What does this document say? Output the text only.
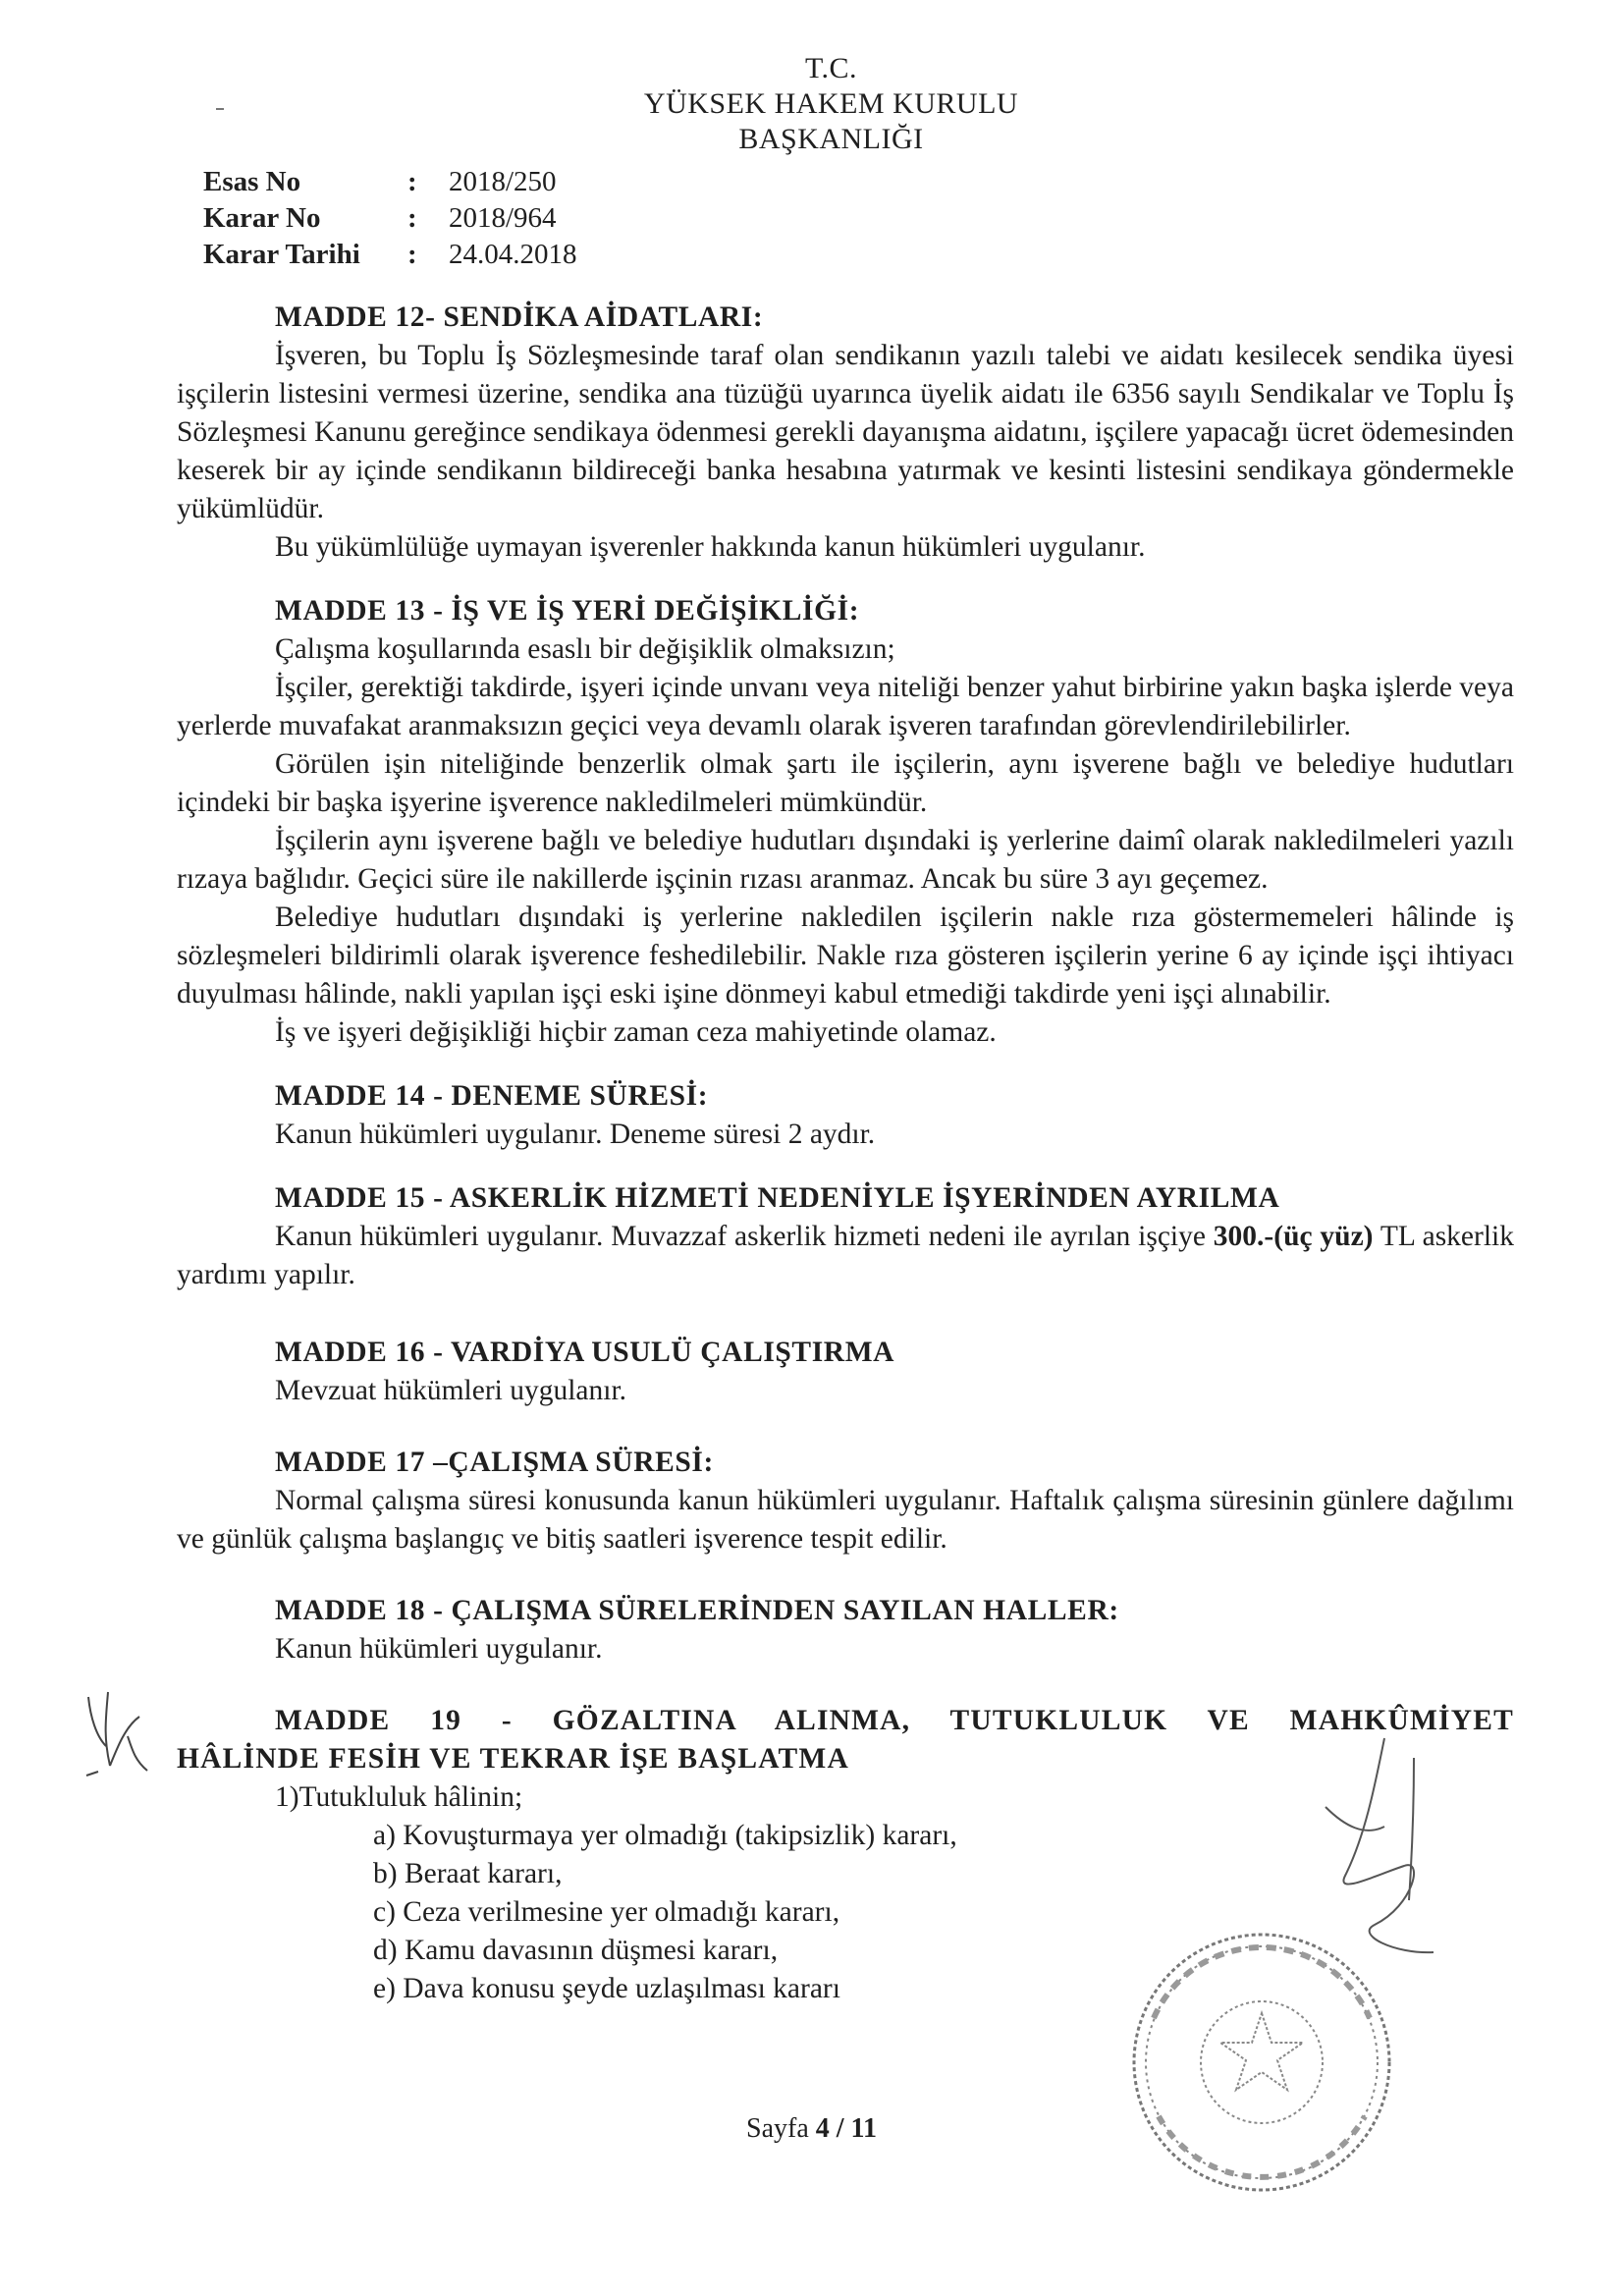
T.C.
YÜKSEK HAKEM KURULU
BAŞKANLIĞI
Esas No	:	2018/250
Karar No	:	2018/964
Karar Tarihi	:	24.04.2018
MADDE 12- SENDİKA AİDATLARI:
İşveren, bu Toplu İş Sözleşmesinde taraf olan sendikanın yazılı talebi ve aidatı kesilecek sendika üyesi işçilerin listesini vermesi üzerine, sendika ana tüzüğü uyarınca üyelik aidatı ile 6356 sayılı Sendikalar ve Toplu İş Sözleşmesi Kanunu gereğince sendikaya ödenmesi gerekli dayanışma aidatını, işçilere yapacağı ücret ödemesinden keserek bir ay içinde sendikanın bildireceği banka hesabına yatırmak ve kesinti listesini sendikaya göndermekle yükümlüdür.
Bu yükümlülüğe uymayan işverenler hakkında kanun hükümleri uygulanır.
MADDE 13 - İŞ VE İŞ YERİ DEĞİŞİKLİĞİ:
Çalışma koşullarında esaslı bir değişiklik olmaksızın;
İşçiler, gerektiği takdirde, işyeri içinde unvanı veya niteliği benzer yahut birbirine yakın başka işlerde veya yerlerde muvafakat aranmaksızın geçici veya devamlı olarak işveren tarafından görevlendirilebilirler.
Görülen işin niteliğinde benzerlik olmak şartı ile işçilerin, aynı işverene bağlı ve belediye hudutları içindeki bir başka işyerine işverence nakledilmeleri mümkündür.
İşçilerin aynı işverene bağlı ve belediye hudutları dışındaki iş yerlerine daimî olarak nakledilmeleri yazılı rızaya bağlıdır. Geçici süre ile nakillerde işçinin rızası aranmaz. Ancak bu süre 3 ayı geçemez.
Belediye hudutları dışındaki iş yerlerine nakledilen işçilerin nakle rıza göstermemeleri hâlinde iş sözleşmeleri bildirimli olarak işverence feshedilebilir. Nakle rıza gösteren işçilerin yerine 6 ay içinde işçi ihtiyacı duyulması hâlinde, nakli yapılan işçi eski işine dönmeyi kabul etmediği takdirde yeni işçi alınabilir.
İş ve işyeri değişikliği hiçbir zaman ceza mahiyetinde olamaz.
MADDE 14 - DENEME SÜRESİ:
Kanun hükümleri uygulanır. Deneme süresi 2 aydır.
MADDE 15 - ASKERLİK HİZMETİ NEDENİYLE İŞYERİNDEN AYRILMA
Kanun hükümleri uygulanır. Muvazzaf askerlik hizmeti nedeni ile ayrılan işçiye 300.-(üç yüz) TL askerlik yardımı yapılır.
MADDE 16 - VARDİYA USULÜ ÇALIŞTIRMA
Mevzuat hükümleri uygulanır.
MADDE 17 –ÇALIŞMA SÜRESİ:
Normal çalışma süresi konusunda kanun hükümleri uygulanır. Haftalık çalışma süresinin günlere dağılımı ve günlük çalışma başlangıç ve bitiş saatleri işverence tespit edilir.
MADDE 18 - ÇALIŞMA SÜRELERİNDEN SAYILAN HALLER:
Kanun hükümleri uygulanır.
MADDE 19 - GÖZALTINA ALINMA, TUTUKLULUK VE MAHKÛMİYET
HÂLİNDE FESİH VE TEKRAR İŞE BAŞLATMA
1)Tutukluluk hâlinin;
a) Kovuşturmaya yer olmadığı (takipsizlik) kararı,
b) Beraat kararı,
c) Ceza verilmesine yer olmadığı kararı,
d) Kamu davasının düşmesi kararı,
e) Dava konusu şeyde uzlaşılması kararı
Sayfa 4 / 11
